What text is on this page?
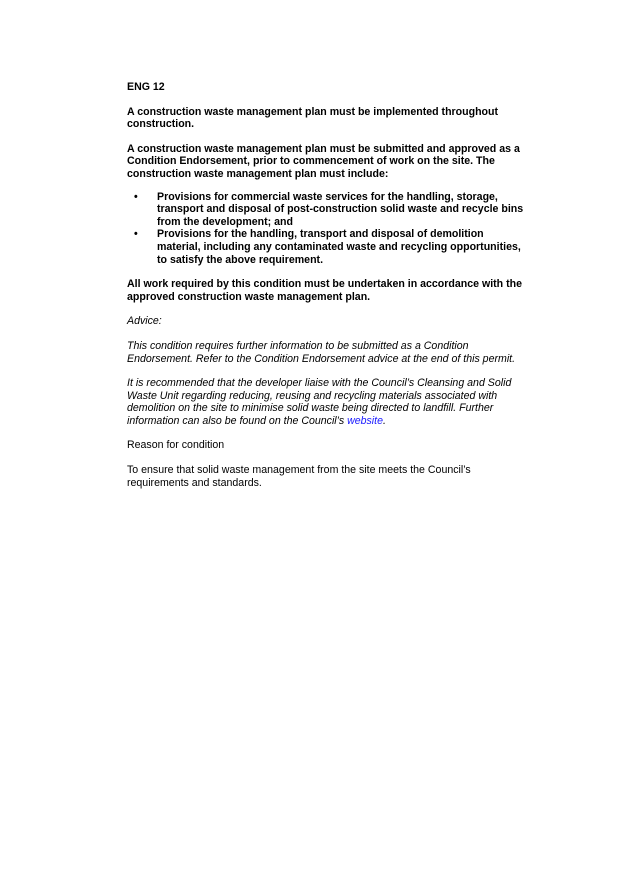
ENG 12

A construction waste management plan must be implemented throughout construction.

A construction waste management plan must be submitted and approved as a Condition Endorsement, prior to commencement of work on the site. The construction waste management plan must include:

• Provisions for commercial waste services for the handling, storage, transport and disposal of post-construction solid waste and recycle bins from the development; and
• Provisions for the handling, transport and disposal of demolition material, including any contaminated waste and recycling opportunities, to satisfy the above requirement.

All work required by this condition must be undertaken in accordance with the approved construction waste management plan.

Advice:

This condition requires further information to be submitted as a Condition Endorsement. Refer to the Condition Endorsement advice at the end of this permit.

It is recommended that the developer liaise with the Council’s Cleansing and Solid Waste Unit regarding reducing, reusing and recycling materials associated with demolition on the site to minimise solid waste being directed to landfill. Further information can also be found on the Council’s website.

Reason for condition

To ensure that solid waste management from the site meets the Council’s requirements and standards.
